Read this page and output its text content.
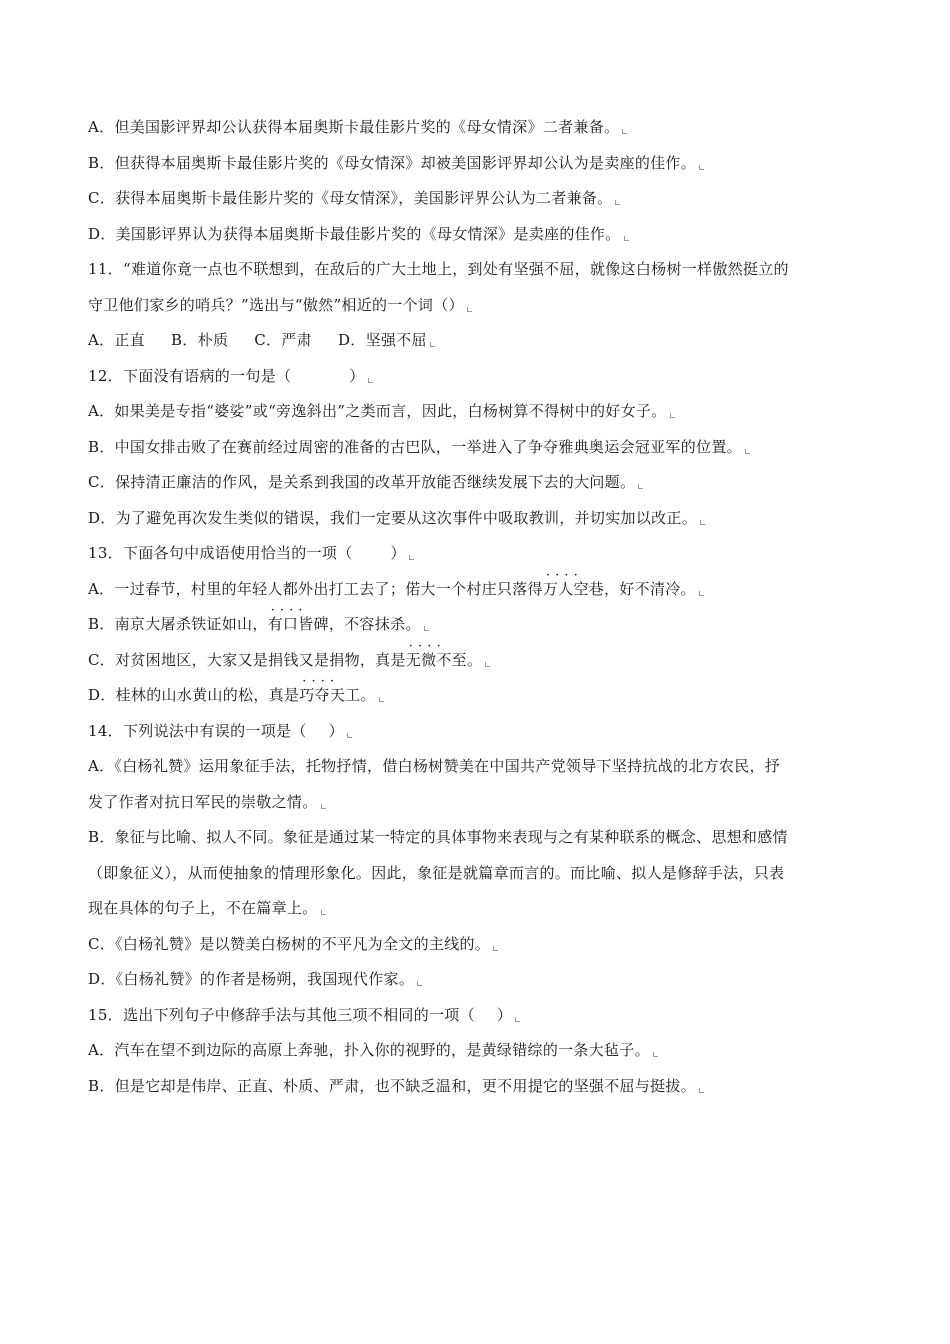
A．但美国影评界却公认获得本届奥斯卡最佳影片奖的《母女情深》二者兼备。
B．但获得本届奥斯卡最佳影片奖的《母女情深》却被美国影评界却公认为是卖座的佳作。
C．获得本届奥斯卡最佳影片奖的《母女情深》，美国影评界公认为二者兼备。
D．美国影评界认为获得本届奥斯卡最佳影片奖的《母女情深》是卖座的佳作。
11．“难道你竟一点也不联想到，在敌后的广大土地上，到处有坚强不屈，就像这白杨树一样傲然挺立的
守卫他们家乡的哨兵？”选出与“傲然”相近的一个词（）
A．正直 B．朴质 C．严肃 D．坚强不屈
12．下面没有语病的一句是（	）
A．如果美是专指“婆娑”或“旁逸斜出”之类而言，因此，白杨树算不得树中的好女子。
B．中国女排击败了在赛前经过周密的准备的古巴队，一举进入了争夺雅典奥运会冠亚军的位置。
C．保持清正廉洁的作风，是关系到我国的改革开放能否继续发展下去的大问题。
D．为了避免再次发生类似的错误，我们一定要从这次事件中吸取教训，并切实加以改正。
13．下面各句中成语使用恰当的一项（	）
A．一过春节，村里的年轻人都外出打工去了；偌大一个村庄只落得· · · · 万人空巷，好不清冷。
B．南京大屠杀铁证如山，· · · · 有口皆碑，不容抹杀。
C．对贫困地区，大家又是捐钱又是捐物，真是· · · · 无微不至。
D．桂林的山水黄山的松，真是· · · · 巧夺天工。
14．下列说法中有误的一项是（ ）
A．《白杨礼赞》运用象征手法，托物抒情，借白杨树赞美在中国共产党领导下坚持抗战的北方农民，抒
发了作者对抗日军民的崇敬之情。
B．象征与比喻、拟人不同。象征是通过某一特定的具体事物来表现与之有某种联系的概念、思想和感情
（即象征义），从而使抽象的情理形象化。因此，象征是就篇章而言的。而比喻、拟人是修辞手法，只表
现在具体的句子上，不在篇章上。
C．《白杨礼赞》是以赞美白杨树的不平凡为全文的主线的。
D．《白杨礼赞》的作者是杨朔，我国现代作家。
15．选出下列句子中修辞手法与其他三项不相同的一项（ ）
A．汽车在望不到边际的高原上奔驰，扑入你的视野的，是黄绿错综的一条大毡子。
B．但是它却是伟岸、正直、朴质、严肃，也不缺乏温和，更不用提它的坚强不屈与挺拔。
